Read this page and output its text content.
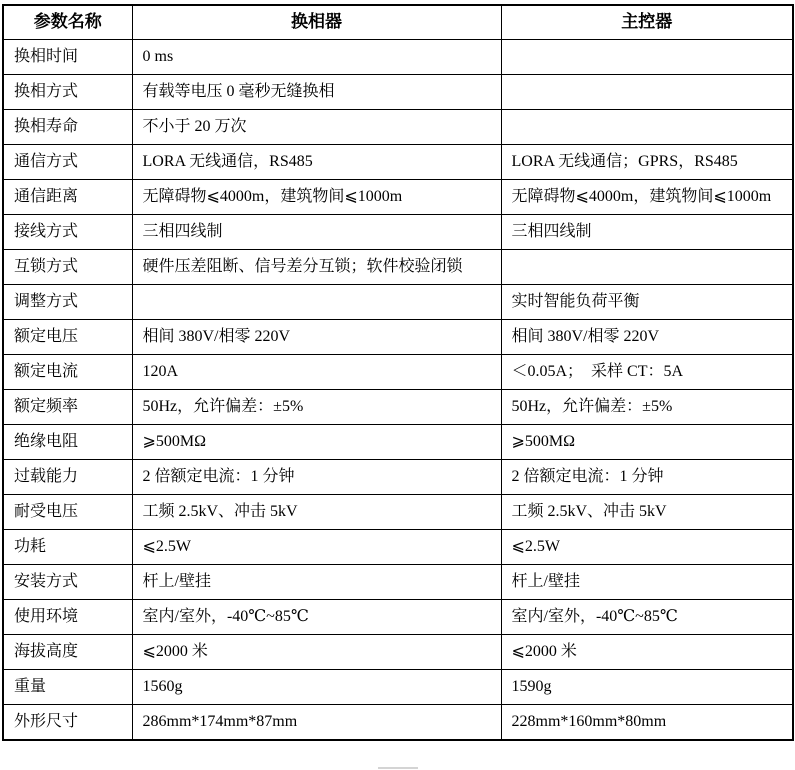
参数名称	换相器	主控器
换相时间	0 ms	
换相方式	有载等电压 0 毫秒无缝换相	
换相寿命	不小于 20 万次	
通信方式	LORA 无线通信，RS485	LORA 无线通信；GPRS，RS485
通信距离	无障碍物⩽4000m，建筑物间⩽1000m	无障碍物⩽4000m，建筑物间⩽1000m
接线方式	三相四线制	三相四线制
互锁方式	硬件压差阻断、信号差分互锁；软件校验闭锁	
调整方式		实时智能负荷平衡
额定电压	相间 380V/相零 220V	相间 380V/相零 220V
额定电流	120A	＜0.05A；　采样 CT：5A
额定频率	50Hz，允许偏差：±5%	50Hz，允许偏差：±5%
绝缘电阻	⩾500MΩ	⩾500MΩ
过载能力	2 倍额定电流：1 分钟	2 倍额定电流：1 分钟
耐受电压	工频 2.5kV、冲击 5kV	工频 2.5kV、冲击 5kV
功耗	⩽2.5W	⩽2.5W
安装方式	杆上/壁挂	杆上/壁挂
使用环境	室内/室外，-40℃~85℃	室内/室外，-40℃~85℃
海拔高度	⩽2000 米	⩽2000 米
重量	1560g	1590g
外形尺寸	286mm*174mm*87mm	228mm*160mm*80mm
